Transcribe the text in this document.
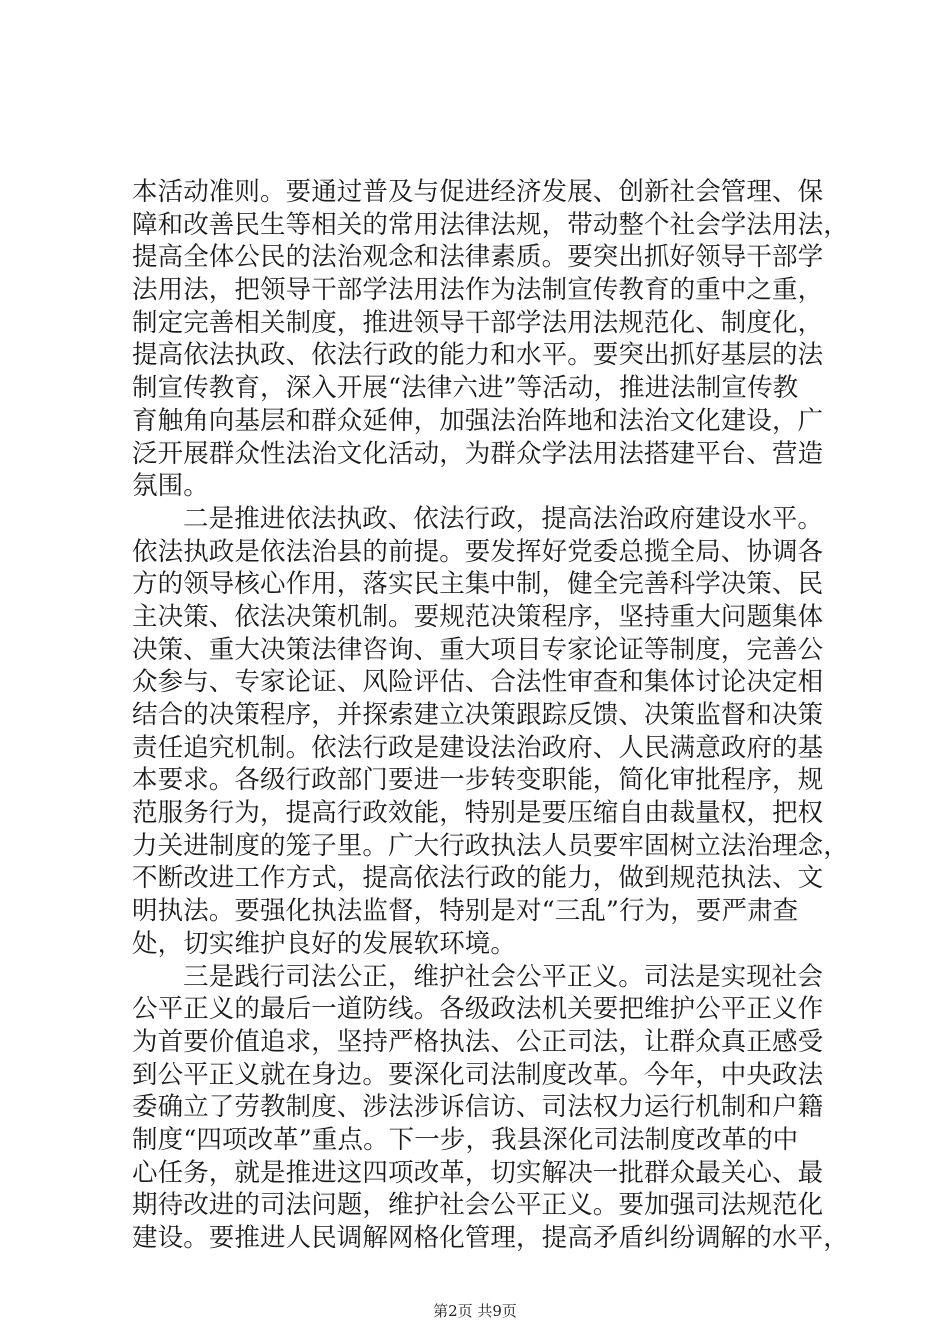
本活动准则。要通过普及与促进经济发展、创新社会管理、保
障和改善民生等相关的常用法律法规，带动整个社会学法用法，
提高全体公民的法治观念和法律素质。要突出抓好领导干部学
法用法，把领导干部学法用法作为法制宣传教育的重中之重，
制定完善相关制度，推进领导干部学法用法规范化、制度化，
提高依法执政、依法行政的能力和水平。要突出抓好基层的法
制宣传教育，深入开展“法律六进”等活动，推进法制宣传教
育触角向基层和群众延伸，加强法治阵地和法治文化建设，广
泛开展群众性法治文化活动，为群众学法用法搭建平台、营造
氛围。
二是推进依法执政、依法行政，提高法治政府建设水平。
依法执政是依法治县的前提。要发挥好党委总揽全局、协调各
方的领导核心作用，落实民主集中制，健全完善科学决策、民
主决策、依法决策机制。要规范决策程序，坚持重大问题集体
决策、重大决策法律咨询、重大项目专家论证等制度，完善公
众参与、专家论证、风险评估、合法性审查和集体讨论决定相
结合的决策程序，并探索建立决策跟踪反馈、决策监督和决策
责任追究机制。依法行政是建设法治政府、人民满意政府的基
本要求。各级行政部门要进一步转变职能，简化审批程序，规
范服务行为，提高行政效能，特别是要压缩自由裁量权，把权
力关进制度的笼子里。广大行政执法人员要牢固树立法治理念，
不断改进工作方式，提高依法行政的能力，做到规范执法、文
明执法。要强化执法监督，特别是对“三乱”行为，要严肃查
处，切实维护良好的发展软环境。
三是践行司法公正，维护社会公平正义。司法是实现社会
公平正义的最后一道防线。各级政法机关要把维护公平正义作
为首要价值追求，坚持严格执法、公正司法，让群众真正感受
到公平正义就在身边。要深化司法制度改革。今年，中央政法
委确立了劳教制度、涉法涉诉信访、司法权力运行机制和户籍
制度“四项改革”重点。下一步，我县深化司法制度改革的中
心任务，就是推进这四项改革，切实解决一批群众最关心、最
期待改进的司法问题，维护社会公平正义。要加强司法规范化
建设。要推进人民调解网格化管理，提高矛盾纠纷调解的水平，
第2页 共9页
